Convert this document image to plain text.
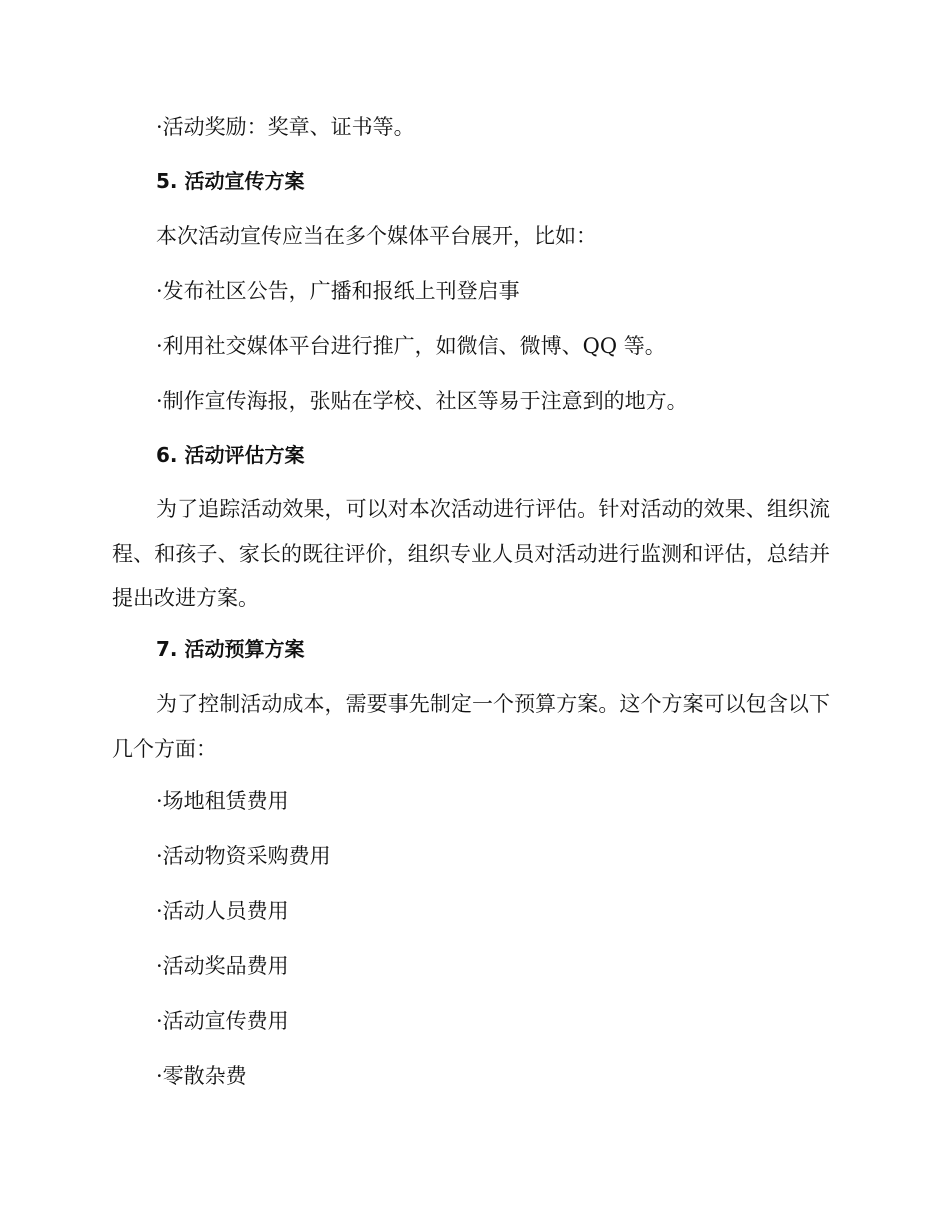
·活动奖励：奖章、证书等。
5. 活动宣传方案
本次活动宣传应当在多个媒体平台展开，比如：
·发布社区公告，广播和报纸上刊登启事
·利用社交媒体平台进行推广，如微信、微博、QQ 等。
·制作宣传海报，张贴在学校、社区等易于注意到的地方。
6. 活动评估方案
为了追踪活动效果，可以对本次活动进行评估。针对活动的效果、组织流程、和孩子、家长的既往评价，组织专业人员对活动进行监测和评估，总结并提出改进方案。
7. 活动预算方案
为了控制活动成本，需要事先制定一个预算方案。这个方案可以包含以下几个方面：
·场地租赁费用
·活动物资采购费用
·活动人员费用
·活动奖品费用
·活动宣传费用
·零散杂费
